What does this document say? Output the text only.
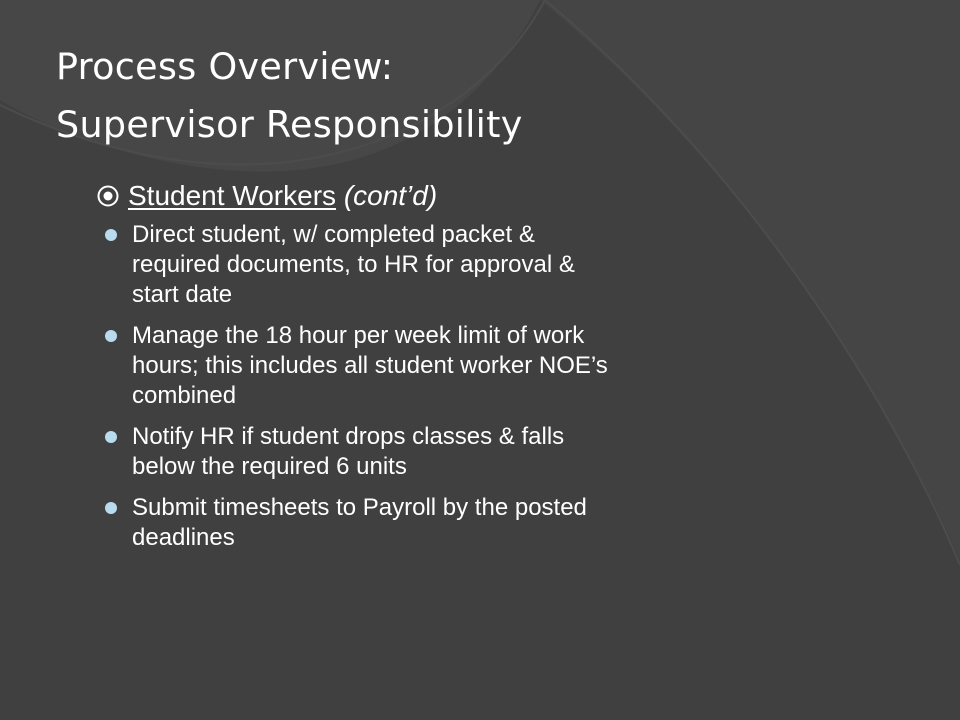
Process Overview:
Supervisor Responsibility
Student Workers (cont’d)
Direct student, w/ completed packet &
required documents, to HR for approval &
start date
Manage the 18 hour per week limit of work
hours; this includes all student worker NOE’s
combined
Notify HR if student drops classes & falls
below the required 6 units
Submit timesheets to Payroll by the posted
deadlines
